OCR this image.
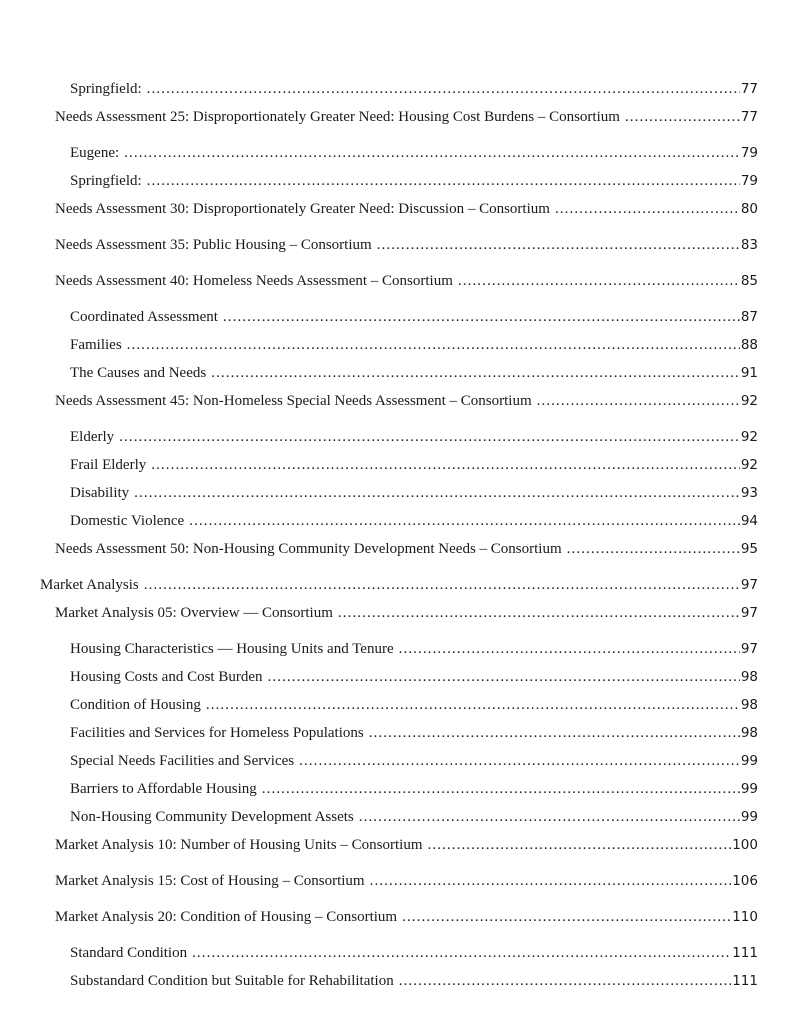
Springfield: .....	77
Needs Assessment 25: Disproportionately Greater Need: Housing Cost Burdens – Consortium .....	77
Eugene: .....	79
Springfield: .....	79
Needs Assessment 30: Disproportionately Greater Need: Discussion – Consortium .....	80
Needs Assessment 35: Public Housing – Consortium .....	83
Needs Assessment 40: Homeless Needs Assessment – Consortium .....	85
Coordinated Assessment .....	87
Families .....	88
The Causes and Needs .....	91
Needs Assessment 45: Non-Homeless Special Needs Assessment – Consortium .....	92
Elderly .....	92
Frail Elderly .....	92
Disability .....	93
Domestic Violence .....	94
Needs Assessment 50: Non-Housing Community Development Needs – Consortium .....	95
Market Analysis .....	97
Market Analysis 05: Overview — Consortium .....	97
Housing Characteristics — Housing Units and Tenure .....	97
Housing Costs and Cost Burden .....	98
Condition of Housing .....	98
Facilities and Services for Homeless Populations .....	98
Special Needs Facilities and Services .....	99
Barriers to Affordable Housing .....	99
Non-Housing Community Development Assets .....	99
Market Analysis 10: Number of Housing Units – Consortium .....	100
Market Analysis 15: Cost of Housing – Consortium .....	106
Market Analysis 20: Condition of Housing – Consortium .....	110
Standard Condition .....	111
Substandard Condition but Suitable for Rehabilitation .....	111
